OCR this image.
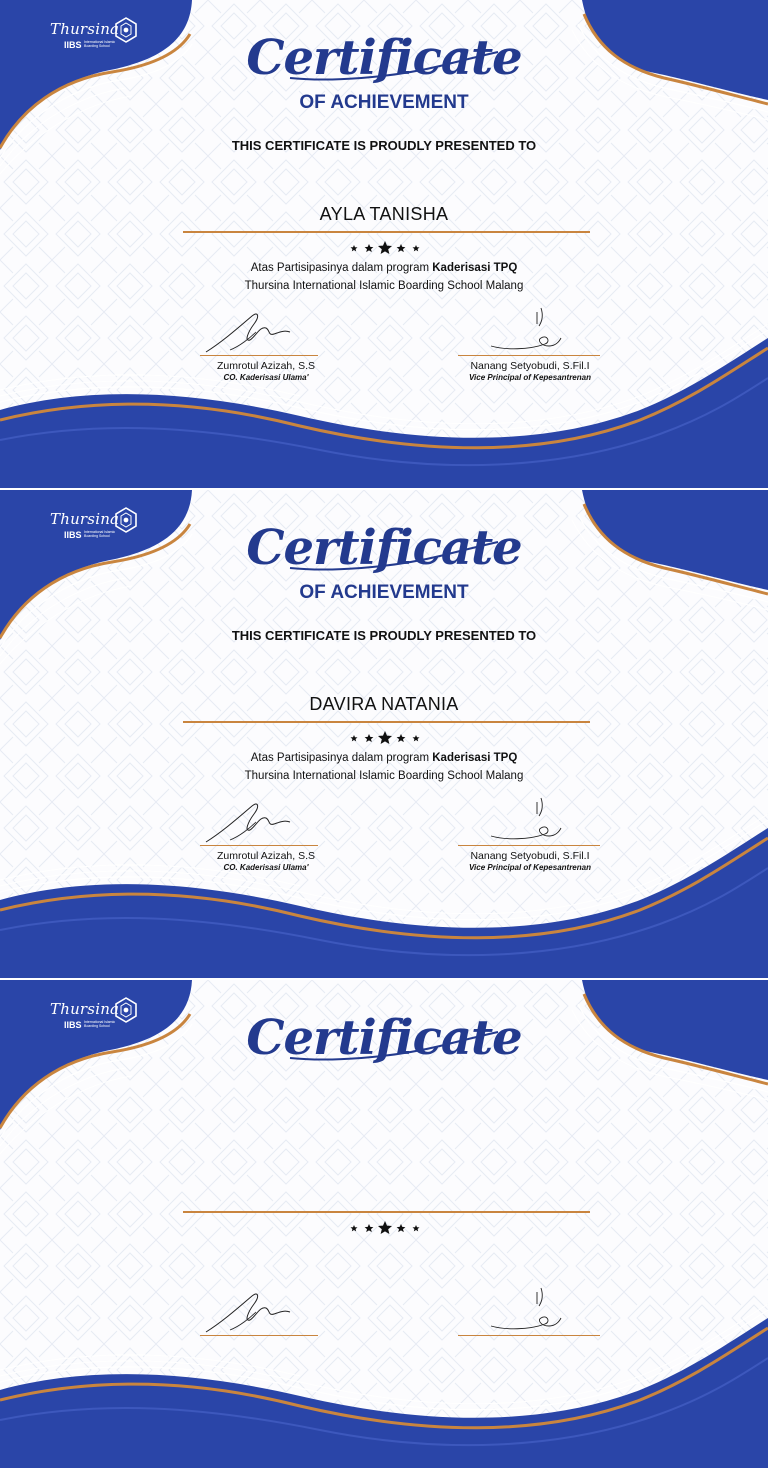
Thursina
IIBS International Islamic Boarding School	Certificate
OF ACHIEVEMENT
THIS CERTIFICATE IS PROUDLY PRESENTED TO
AYLA TANISHA
Atas Partisipasinya dalam program Kaderisasi TPQ
Thursina International Islamic Boarding School Malang
Zumrotul Azizah, S.S
CO. Kaderisasi Ulama'
Nanang Setyobudi, S.Fil.I
Vice Principal of Kepesantrenan
Thursina
IIBS International Islamic Boarding School	Certificate
OF ACHIEVEMENT
THIS CERTIFICATE IS PROUDLY PRESENTED TO
DAVIRA NATANIA
Atas Partisipasinya dalam program Kaderisasi TPQ
Thursina International Islamic Boarding School Malang
Zumrotul Azizah, S.S
CO. Kaderisasi Ulama'
Nanang Setyobudi, S.Fil.I
Vice Principal of Kepesantrenan
Thursina
IIBS International Islamic Boarding School	Certificate
